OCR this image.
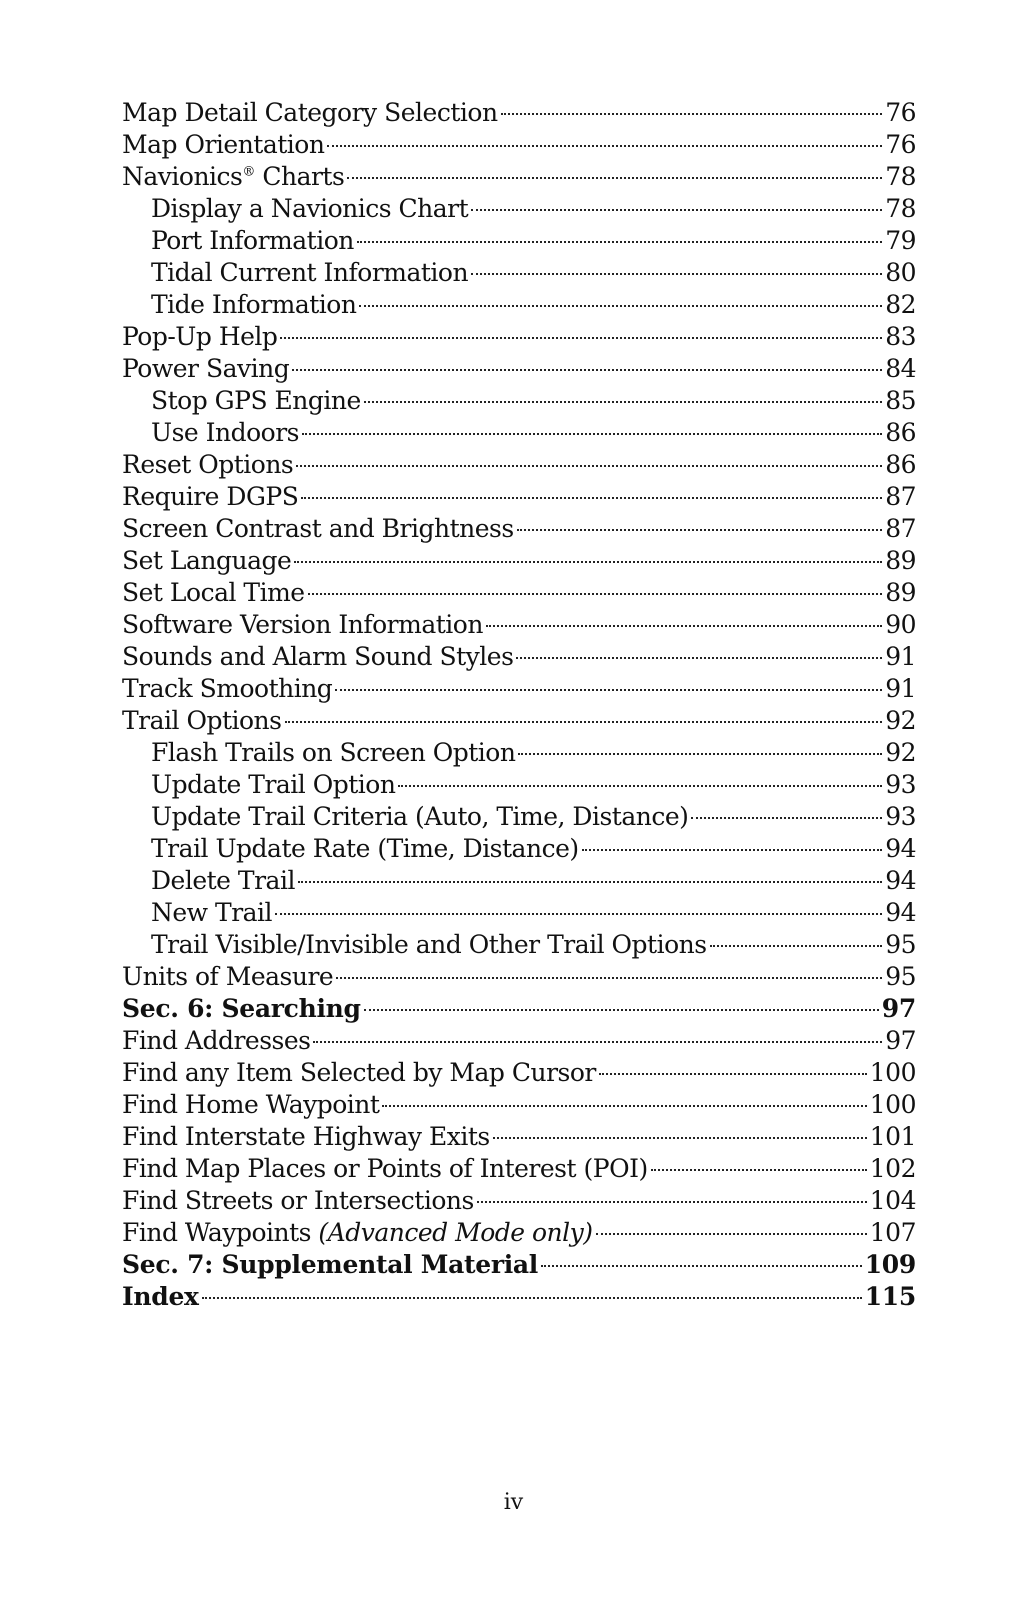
Map Detail Category Selection	76
Map Orientation	76
Navionics® Charts	78
Display a Navionics Chart	78
Port Information	79
Tidal Current Information	80
Tide Information	82
Pop-Up Help	83
Power Saving	84
Stop GPS Engine	85
Use Indoors	86
Reset Options	86
Require DGPS	87
Screen Contrast and Brightness	87
Set Language	89
Set Local Time	89
Software Version Information	90
Sounds and Alarm Sound Styles	91
Track Smoothing	91
Trail Options	92
Flash Trails on Screen Option	92
Update Trail Option	93
Update Trail Criteria (Auto, Time, Distance)	93
Trail Update Rate (Time, Distance)	94
Delete Trail	94
New Trail	94
Trail Visible/Invisible and Other Trail Options	95
Units of Measure	95
Sec. 6: Searching	97
Find Addresses	97
Find any Item Selected by Map Cursor	100
Find Home Waypoint	100
Find Interstate Highway Exits	101
Find Map Places or Points of Interest (POI)	102
Find Streets or Intersections	104
Find Waypoints (Advanced Mode only)	107
Sec. 7: Supplemental Material	109
Index	115
iv
